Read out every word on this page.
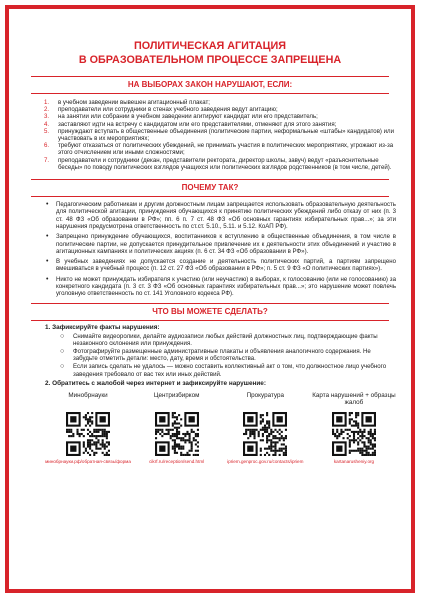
ПОЛИТИЧЕСКАЯ АГИТАЦИЯ
В ОБРАЗОВАТЕЛЬНОМ ПРОЦЕССЕ ЗАПРЕЩЕНА
НА ВЫБОРАХ ЗАКОН НАРУШАЮТ, ЕСЛИ:
1. в учебном заведении вывешен агитационный плакат;
2. преподаватели или сотрудники в стенах учебного заведения ведут агитацию;
3. на занятии или собрании в учебном заведении агитируют кандидат или его представитель;
4. заставляют идти на встречу с кандидатом или его представителями, отменяют для этого занятия;
5. принуждают вступать в общественные объединения (политические партии, неформальные «штабы» кандидатов) или участвовать в их мероприятиях;
6. требуют отказаться от политических убеждений, не принимать участия в политических мероприятиях, угрожают из-за этого отчислением или иными сложностями;
7. преподаватели и сотрудники (декан, представители ректората, директор школы, завуч) ведут «разъяснительные беседы» по поводу политических взглядов учащихся или политических взглядов родственников (в том числе, детей).
ПОЧЕМУ ТАК?
• Педагогическим работникам и другим должностным лицам запрещается использовать образовательную деятельность для политической агитации, принуждения обучающихся к принятию политических убеждений либо отказу от них (п. 3 ст. 48 ФЗ «Об образовании в РФ»; пп. 6 п. 7 ст. 48 ФЗ «Об основных гарантиях избирательных прав...»; за эти нарушения предусмотрена ответственность по ст.ст. 5.10., 5.11. и 5.12. КоАП РФ).
• Запрещено принуждение обучающихся, воспитанников к вступлению в общественные объединения, в том числе в политические партии, не допускается принудительное привлечение их к деятельности этих объединений и участию в агитационных кампаниях и политических акциях (п. 6 ст. 34 ФЗ «Об образовании в РФ»).
• В учебных заведениях не допускается создание и деятельность политических партий, а партиям запрещено вмешиваться в учебный процесс (п. 12 ст. 27 ФЗ «Об образовании в РФ»; п. 5 ст. 9 ФЗ «О политических партиях»).
• Никто не может принуждать избирателя к участию (или неучастию) в выборах, к голосованию (или не голосованию) за конкретного кандидата (п. 3 ст. 3 ФЗ «Об основных гарантиях избирательных прав...»; это нарушение может повлечь уголовную ответственность по ст. 141 Уголовного кодекса РФ).
ЧТО ВЫ МОЖЕТЕ СДЕЛАТЬ?
1. Зафиксируйте факты нарушения:
○ Снимайте видеоролики, делайте аудиозаписи любых действий должностных лиц, подтверждающие факты незаконного склонения или принуждения.
○ Фотографируйте размещенные административные плакаты и объявления аналогичного содержания. Не забудьте отметить детали: место, дату, время и обстоятельства.
○ Если запись сделать не удалось — можно составить коллективный акт о том, что должностное лицо учебного заведения требовало от вас тех или иных действий.
2. Обратитесь с жалобой через интернет и зафиксируйте нарушение:
Минобрнауки
минобрнауки.рф/обратная-связь/форма
Центризбирком
cikrf.ru/reception/send.html
Прокуратура
ipriem.genproc.gov.ru/contacts/ipriem
Карта нарушений + образцы жалоб
kartanarusheniy.org
